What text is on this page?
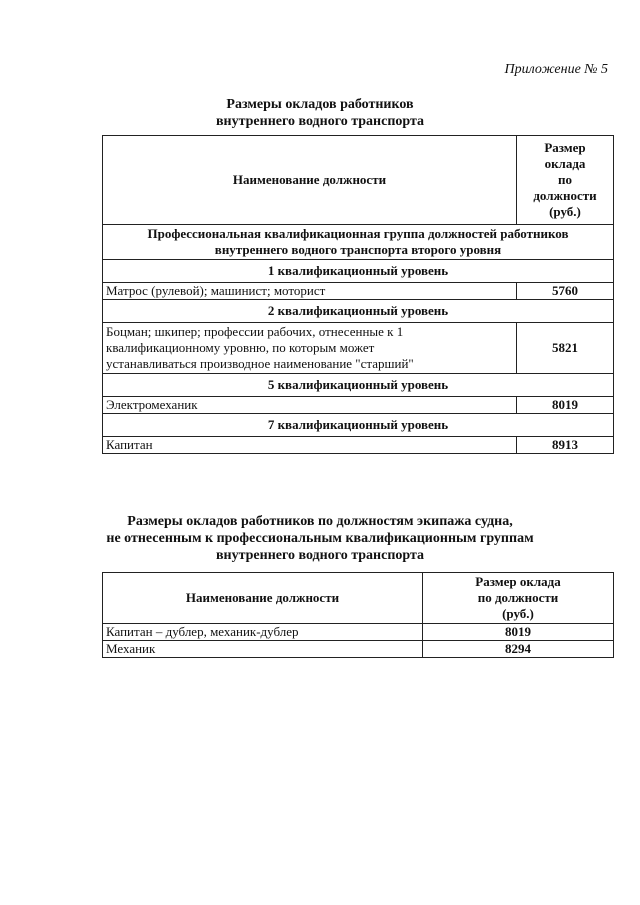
Приложение № 5
Размеры окладов работников
внутреннего водного транспорта
Наименование должности	Размер
оклада
по
должности
(руб.)

Профессиональная квалификационная группа должностей работников
внутреннего водного транспорта второго уровня	

1 квалификационный уровень	
Матрос (рулевой); машинист; моторист	5760
2 квалификационный уровень	

Боцман; шкипер; профессии рабочих, отнесенные к 1
квалификационному уровню, по которым может
устанавливаться производное наименование "старший"	5821
5 квалификационный уровень	
Электромеханик	8019
7 квалификационный уровень	
Капитан	8913
Размеры окладов работников по должностям экипажа судна,
не отнесенным к профессиональным квалификационным группам
внутреннего водного транспорта
Наименование должности	Размер оклада
по должности
(руб.)

Капитан – дублер, механик-дублер	8019
Механик	8294
